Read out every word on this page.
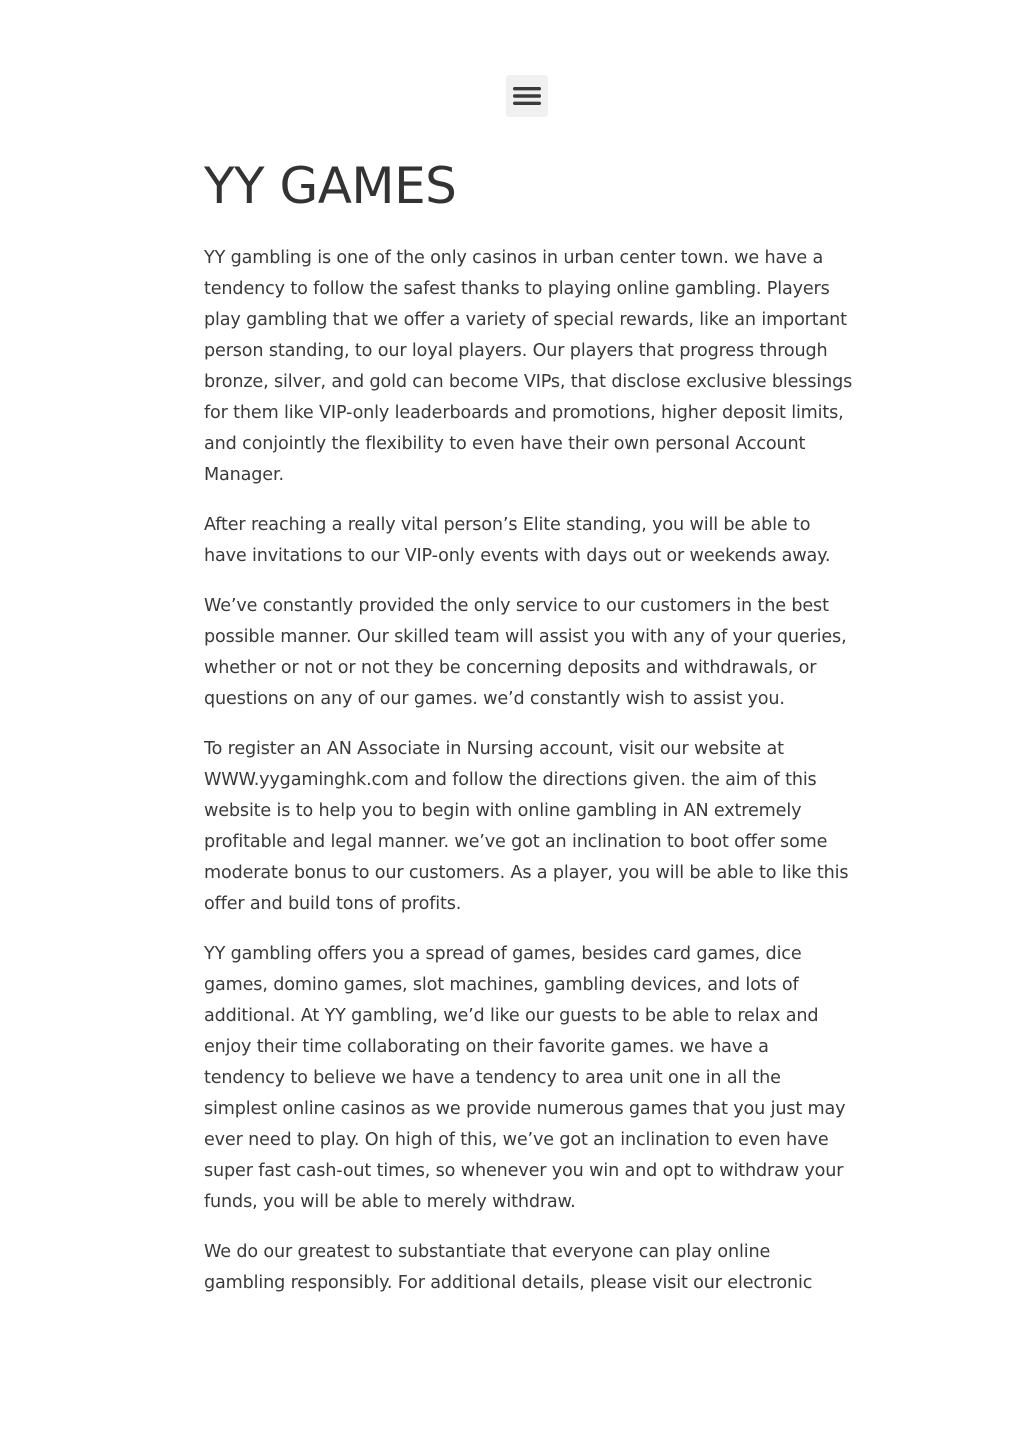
YY GAMES

YY gambling is one of the only casinos in urban center town. we have a tendency to follow the safest thanks to playing online gambling. Players play gambling that we offer a variety of special rewards, like an important person standing, to our loyal players. Our players that progress through bronze, silver, and gold can become VIPs, that disclose exclusive blessings for them like VIP-only leaderboards and promotions, higher deposit limits, and conjointly the flexibility to even have their own personal Account Manager.

After reaching a really vital person’s Elite standing, you will be able to have invitations to our VIP-only events with days out or weekends away.

We’ve constantly provided the only service to our customers in the best possible manner. Our skilled team will assist you with any of your queries, whether or not or not they be concerning deposits and withdrawals, or questions on any of our games. we’d constantly wish to assist you.

To register an AN Associate in Nursing account, visit our website at WWW.yygaminghk.com and follow the directions given. the aim of this website is to help you to begin with online gambling in AN extremely profitable and legal manner. we’ve got an inclination to boot offer some moderate bonus to our customers. As a player, you will be able to like this offer and build tons of profits.

YY gambling offers you a spread of games, besides card games, dice games, domino games, slot machines, gambling devices, and lots of additional. At YY gambling, we’d like our guests to be able to relax and enjoy their time collaborating on their favorite games. we have a tendency to believe we have a tendency to area unit one in all the simplest online casinos as we provide numerous games that you just may ever need to play. On high of this, we’ve got an inclination to even have super fast cash-out times, so whenever you win and opt to withdraw your funds, you will be able to merely withdraw.

We do our greatest to substantiate that everyone can play online gambling responsibly. For additional details, please visit our electronic
